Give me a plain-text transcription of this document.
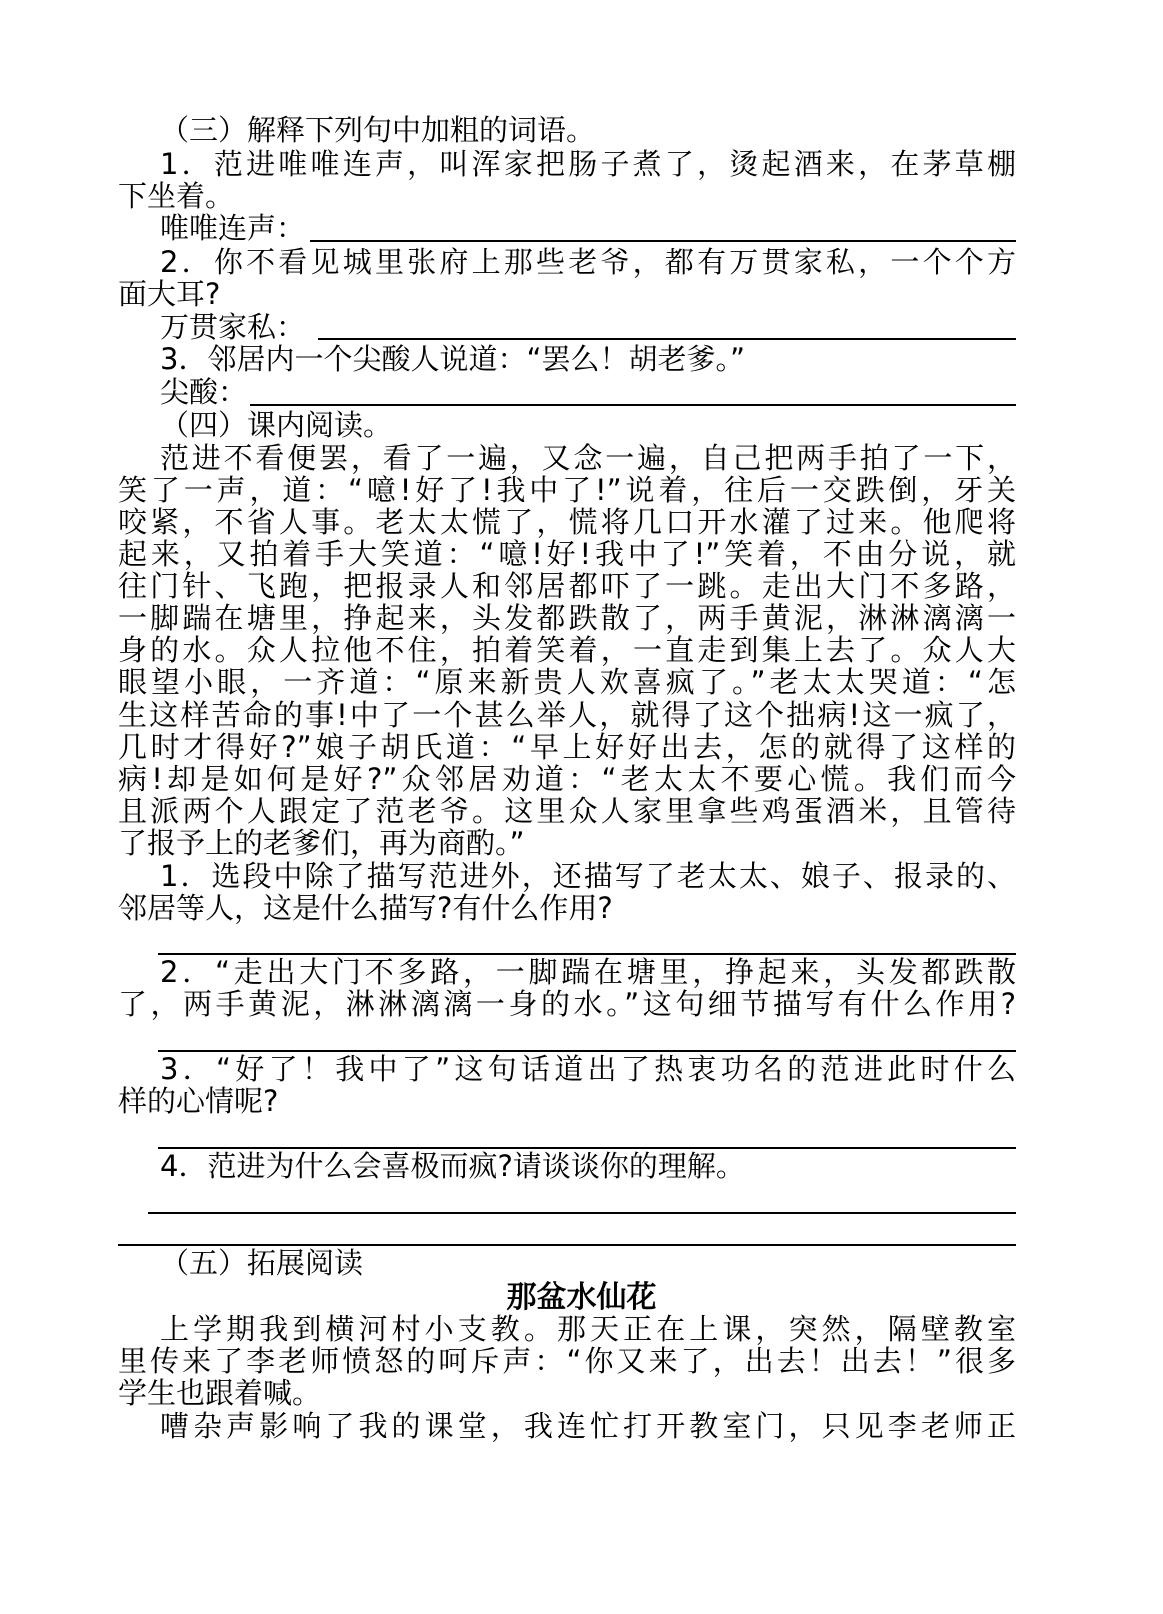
（三）解释下列句中加粗的词语。
1．范进唯唯连声，叫浑家把肠子煮了，烫起酒来，在茅草棚
下坐着。
唯唯连声：
2．你不看见城里张府上那些老爷，都有万贯家私，一个个方
面大耳?
万贯家私：
3．邻居内一个尖酸人说道：“罢么！胡老爹。”
尖酸：
（四）课内阅读。
范进不看便罢，看了一遍，又念一遍，自己把两手拍了一下，
笑了一声，道：“噫!好了!我中了!”说着，往后一交跌倒，牙关
咬紧，不省人事。老太太慌了，慌将几口开水灌了过来。他爬将
起来，又拍着手大笑道：“噫!好!我中了!”笑着，不由分说，就
往门针、飞跑，把报录人和邻居都吓了一跳。走出大门不多路，
一脚踹在塘里，挣起来，头发都跌散了，两手黄泥，淋淋漓漓一
身的水。众人拉他不住，拍着笑着，一直走到集上去了。众人大
眼望小眼，一齐道：“原来新贵人欢喜疯了。”老太太哭道：“怎
生这样苦命的事!中了一个甚么举人，就得了这个拙病!这一疯了，
几时才得好?”娘子胡氏道：“早上好好出去，怎的就得了这样的
病!却是如何是好?”众邻居劝道：“老太太不要心慌。我们而今
且派两个人跟定了范老爷。这里众人家里拿些鸡蛋酒米，且管待
了报予上的老爹们，再为商酌。”
1．选段中除了描写范进外，还描写了老太太、娘子、报录的、
邻居等人，这是什么描写?有什么作用?
2．“走出大门不多路，一脚踹在塘里，挣起来，头发都跌散
了，两手黄泥，淋淋漓漓一身的水。”这句细节描写有什么作用?
3．“好了！我中了”这句话道出了热衷功名的范进此时什么
样的心情呢?
4．范进为什么会喜极而疯?请谈谈你的理解。
（五）拓展阅读
那盆水仙花
上学期我到横河村小支教。那天正在上课，突然，隔壁教室
里传来了李老师愤怒的呵斥声：“你又来了，出去！出去！”很多
学生也跟着喊。
嘈杂声影响了我的课堂，我连忙打开教室门，只见李老师正
